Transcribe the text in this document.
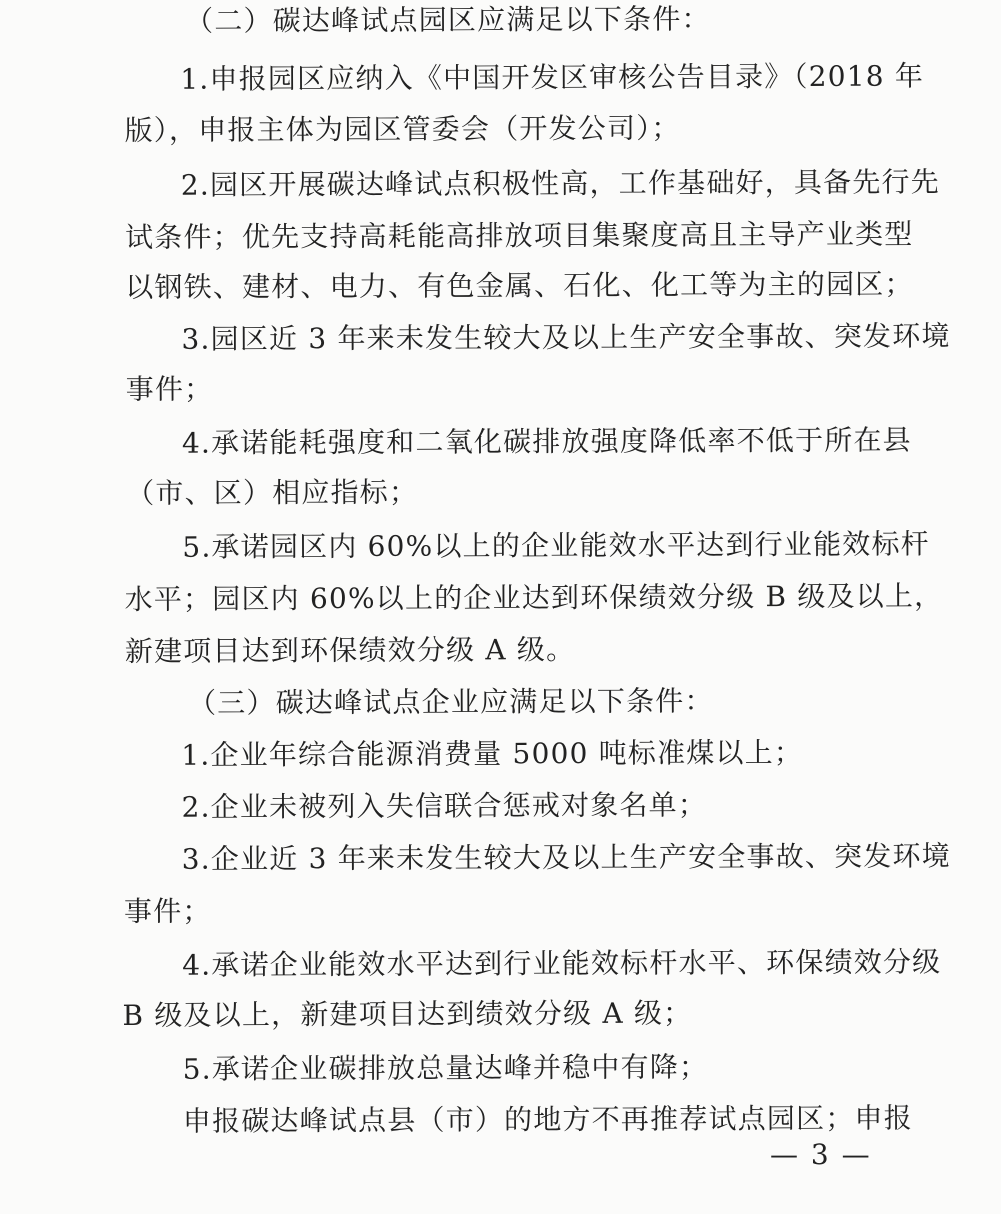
（二）碳达峰试点园区应满足以下条件：
1.申报园区应纳入《中国开发区审核公告目录》（2018 年
版），申报主体为园区管委会（开发公司）；
2.园区开展碳达峰试点积极性高，工作基础好，具备先行先
试条件；优先支持高耗能高排放项目集聚度高且主导产业类型
以钢铁、建材、电力、有色金属、石化、化工等为主的园区；
3.园区近 3 年来未发生较大及以上生产安全事故、突发环境
事件；
4.承诺能耗强度和二氧化碳排放强度降低率不低于所在县
（市、区）相应指标；
5.承诺园区内 60%以上的企业能效水平达到行业能效标杆
水平；园区内 60%以上的企业达到环保绩效分级 B 级及以上，
新建项目达到环保绩效分级 A 级。
（三）碳达峰试点企业应满足以下条件：
1.企业年综合能源消费量 5000 吨标准煤以上；
2.企业未被列入失信联合惩戒对象名单；
3.企业近 3 年来未发生较大及以上生产安全事故、突发环境
事件；
4.承诺企业能效水平达到行业能效标杆水平、环保绩效分级
B 级及以上，新建项目达到绩效分级 A 级；
5.承诺企业碳排放总量达峰并稳中有降；
申报碳达峰试点县（市）的地方不再推荐试点园区；申报
— 3 —
